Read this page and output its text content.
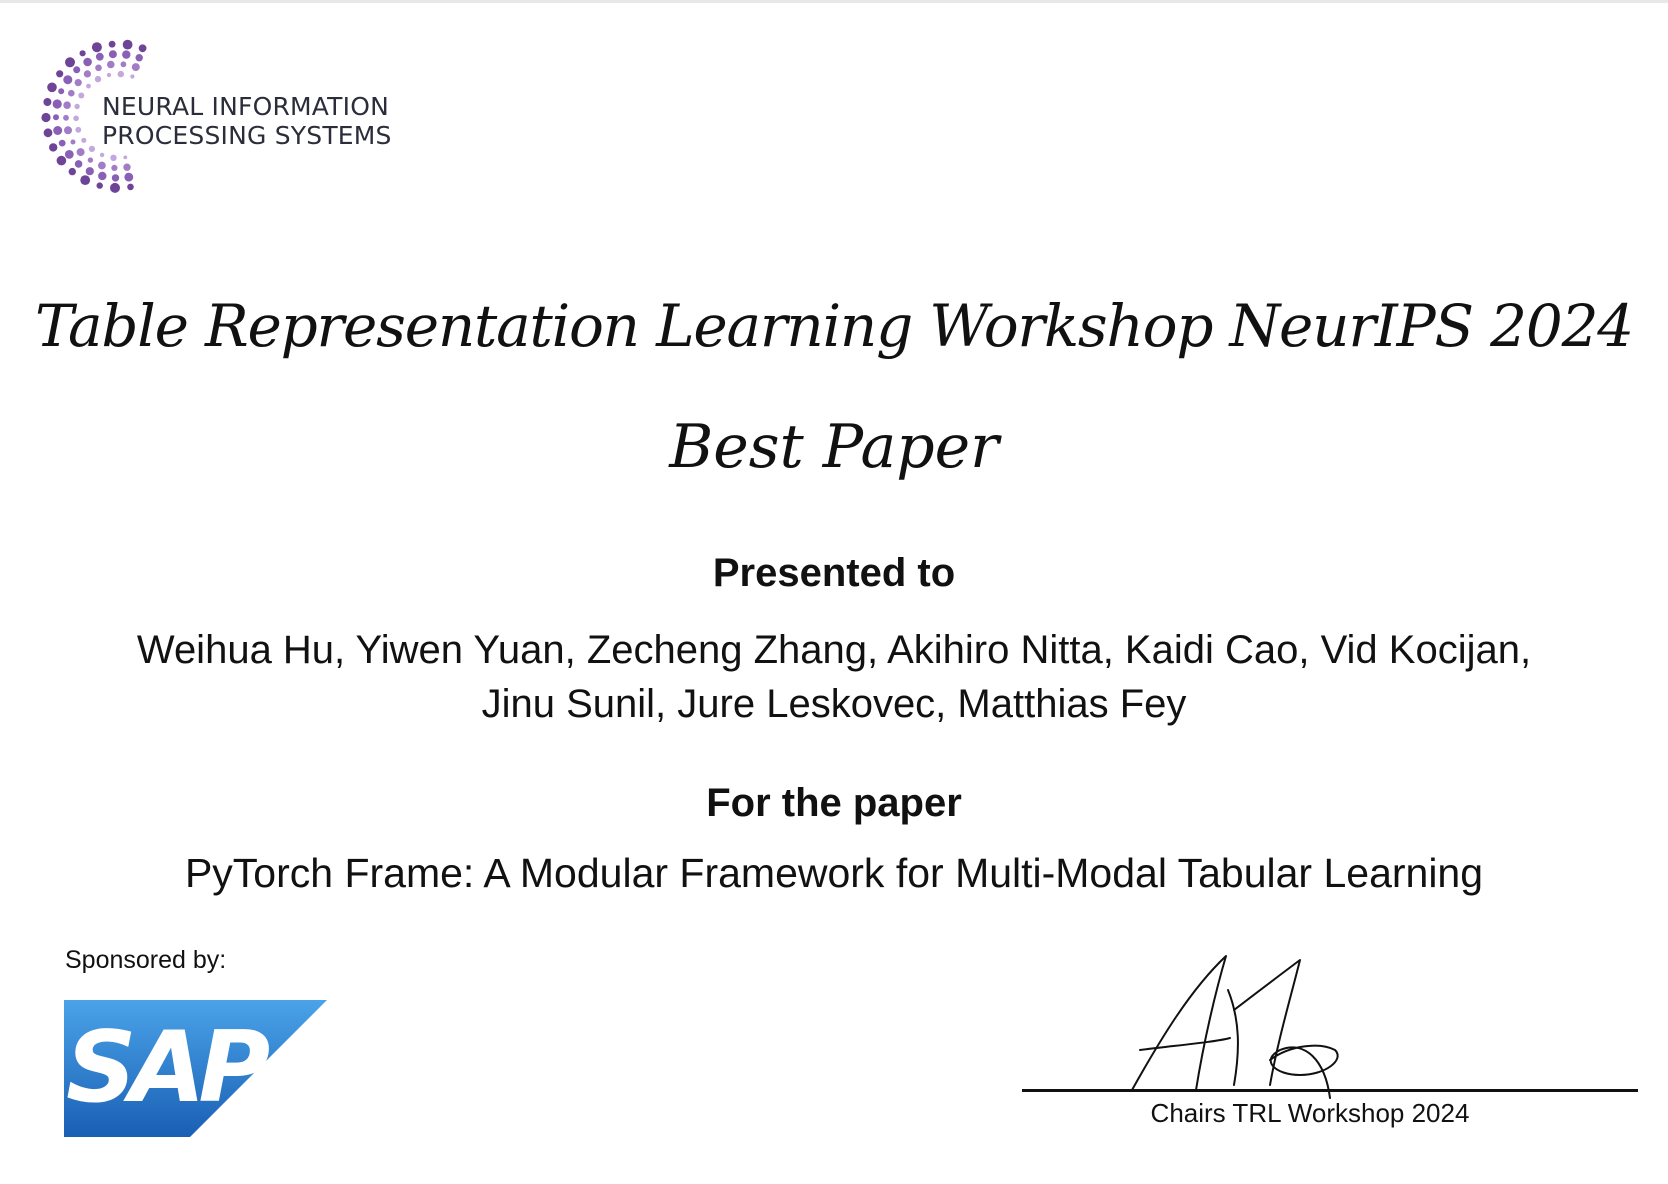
NEURAL INFORMATION
PROCESSING SYSTEMS
Table Representation Learning Workshop NeurIPS 2024
Best Paper
Presented to
Weihua Hu, Yiwen Yuan, Zecheng Zhang, Akihiro Nitta, Kaidi Cao, Vid Kocijan, Jinu Sunil, Jure Leskovec, Matthias Fey
For the paper
PyTorch Frame: A Modular Framework for Multi-Modal Tabular Learning
Sponsored by:
SAP	Chairs TRL Workshop 2024
